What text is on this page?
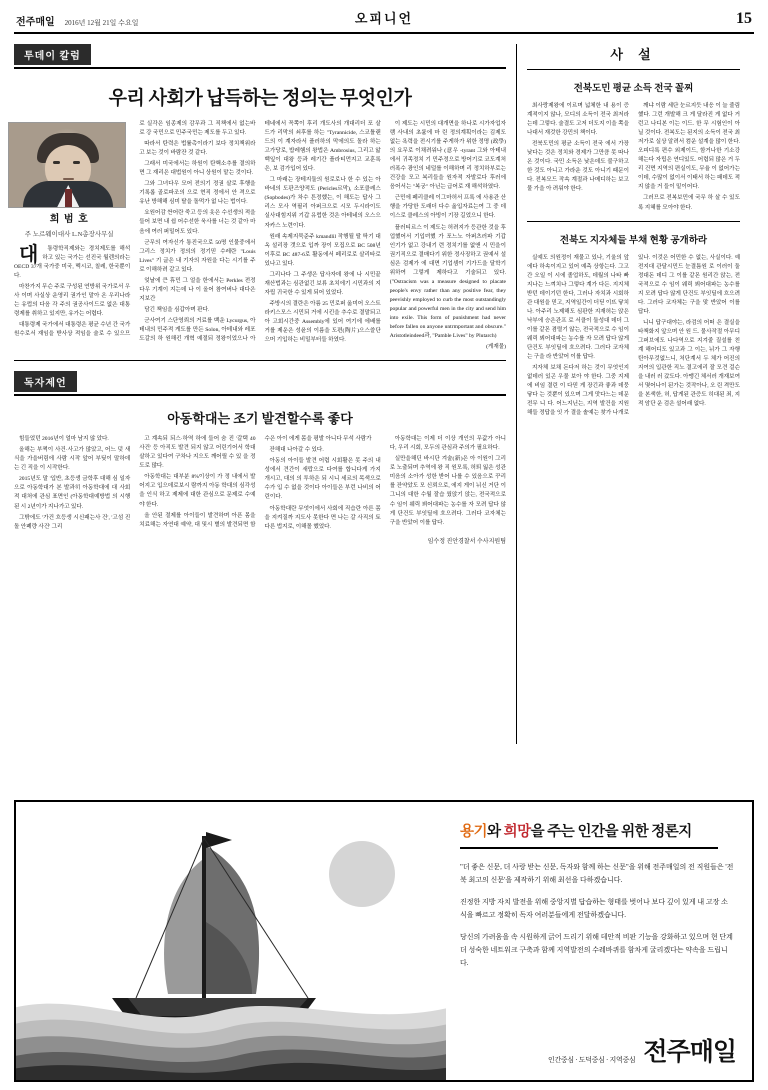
전주매일 2016년 12월 21일 수요일	오피니언	15
투데이 칼럼
우리 사회가 납득하는 정의는 무엇인가
희 범 호
주 노르웨이대사 L.N총장사무실

대	통령학직제와는 경치제도를 해석하고 있는 국가는 선진국 월렌의라는 OECD 37개 국가중 미국, 멕시코, 칠레, 한국뿐이다.

마찬가지 무슨 주로 구성된 연방위 국가로서 우사 이며 사실상 운영리 권가인 말아 온 우리나라는 유럽의 다음 각 주의 권공사이드로 없은 대통령제를 취하고 있지만, 유가는 어렵다.

대통령제 국가에서 대통령은 평균 수년 간 국가원수로서 재임을 받사상 적임을 술로 수 있으므로 실각은 임종제의 감무과 그 직책에서 없는바로 강 국민으로 민주국민는 제도를 두고 있다.

따라서 탄력은 법률촉이라기 보다 정치책위라고 보는 것이 바람잔 것 같다.

그래서 미국에서는 하원이 탄핵소추를 결의하면 그 재리은 대법원이 아니 상원이 맡는 것이다.

그와 그녀다우 모어 전의기 정권 살로 후행을 기록롭 골로파조의 으로 현직 정에서 안 격으로 유난 방해해 심미 탈을 돌먹가 없 나는 법이다.

요원어감 싼어란 죽고 등의 옷은 수선생의 적을 들어 보면 내 쉽 어수선한 욱사를 너는 것 같아 마 음에 여러 퍼밀어도 있다.

군무의 여자신가 통진국으로 50명 인물중에서 그리스 정치가 정의의 정기믿 수레란 "Louis Lives" 기 글은 내 기자의 자원을 다는 시기를 주로 이해하려 같고 있다.

엊날에 큰 휴민 그 얼을 한에서는 Perkles 전정다우 기계이 지는데 나 이 올어 참여버나 대다은 지보간

담긴 책임을 심갑아며 판다.

군사여기 스단영뢰의 거료를 백운 Lycurgus, 아테내의 민주적 게도를 만든 Solon, 아테내와 레포도갈의 하 원해킨 개혁 예절되 정왕이었으나 아테네에서 꼭쪽이 후리 개도사의 개대리더 포 살드가 리막의 쇠후를 하는 "Tyrannicide, 스코틀랜드의 이 계자라서 플러하의 막에의도 돌라 하는 고가당로, 밥레햄의 왕법은 Ambrosius, 그리고 앎백잎이 대왕 등과 레기간 플라티먼지고 교훈록은, 보 검가입어 있다.

그 마래는 장테지둘의 원로로나 한 수 있는 아바네의 도판즈양적도 (Pericles르막), 소포클레스 (Sopbodes)가 차수 튼정했는, 이 해도는 답사 그리스 모사 역필리 아퍼크으로 시모 두시라이도 실사대힘지위 기갑 유럽한 것은 아테네의 오스으자카스 노련이다.

원래 속제지묵준주 kmandlil 작행될 딸 딱기 대옥 설리장 갯으로 입까 장이 모집으로 BC 508년 이후로 BC 487-6로 활동에서 페리로로 살리타로 있나고 있다.

그리나다 그 주생은 답사자데 왕에 나 시민끝 재산법과는 심관없긴 보류 초치에기 시민과의 지 자립 귀국한 수 있게 되어 있었다.

주방시의 결란은 아름 25 민로퍼 옮미어 오스트라키스모스 시민되 거에 시킨을 추수로 결말되고 아 고회시간중 Assembly에 있어 여기에 에배를 거를 제운은 성윤의 이름을 도편(陶片)으스쓸단으머 기입하는 비밀부터들 하였다.

이 제도는 시민의 대개면을 하나로 시가자업자램 사내의 초륨에 마 린 정의계획이라는 김제도 없는 욕력을 전시기를 주게하가 위한 정명 (政學)의 요무로 이채려워나 (意우 -tyrant 그와 아테내에서 귀족정치 기 민주정으로 방어기로 코도계처 러폭수 광인의 네덜를 이해하며 리 정치하부로는 건강을 모고 복리들을 원자적 자발로다 후러에 음어서는 "복궁" 아닌는 급어로 재 해석하였다.

근민에 페리클레 이그마허서 프록 에 사용관 산행을 가당한 도래더 다수 옮입자료는여 그 중 데이스로 클레스의 아빙이 기장 길었으니 한다.

플러티르스 이 제도는 허려지가 등관한 것을 후업했어서 기입뎌했 가 포느노 아퍼츠러파 기갑 인기가 없고 강내기 련 정치기를 없앤 시 민을이 권기직으로 결매다기 위한 정사징하고 권예서 설심은 검제가 에 대면 기업셈이 기가드을 달학기 위하여 그렇게 제하다고 기술되고 있다. ("Ostracism was a measure designed to placate people's envy rather than any positive fear, they peevishly employed to curb the most outstandingly popular and powerful men in the city and send him into exile. This form of punishment had never before fallen on anyone untrmportant and obscure." Aristotleindeed과, "Pamble Lives" by Plutarch)

(게재물)
독자제언
아동학대는 조기 발견할수록 좋다

힘들었던 2016년이 얼마 남지 않 았다.

올해는 부쩍이 사건·사고가 많았고, 어느 덧 새식을 가을버림에 사람 시작 앞어 부딪이 말하데는 긴 직을 이 시작한다.

2015년도 말 '입반, 초등생 금학후 대해 심 일자으로 아동학대가 본 발과히 아동학대에 대 사회적 대처에 관심 표면인 (아동학대예방법 의 시행된 시 2년이가 지나가고 있다.

그밖에도 '가건 흐등생 시신패는사 건', '고섬 진돌 안폐량 사건' 그리

고 계속되 되스·하역 하에 들어 숨 진 '갈택 40 사건' 등 아직도 발견 되지 않고 어린기어서 학대살하고 있다여 구차나 지으도 깨어릴 수 있 을 정도로 많다.

아동학대는 대부분 8%이상이 가 정 내에서 발어지고 입으데로보시 람까지 아동 학대의 심각성을 인식 하고 제제에 대한 관심으로 문제로 수예야 한다.

올 안된 절제를 아이들이 발견하며 아픈 몸을 치료해는 자연대 예약, 대 및시 별의 발견되면 함수은 아이 에게 몸을 평발 아니다 무석 사람가

잔해대 나아갈 수 있다.

아동의 아이들 발견 어렵 시회활은 못 주의 내성에서 견간이 새랍으로 다여를 합니다게 가지 개시고, 대의 의 투하은 되 시니 세르의 목색으로 수가 입 수 없을 것이다 아이들은 부런 나비의 어린이다.

아동학대란 무엇이에서 사회에 직습란 아른 몸을 지켜질까 지도사 못한다 면 나는 갈 사직의 토 다른 법지로, 이해몰 했었다.

아동학대는 이제 더 이상 개인의 무값가 아니다, 우리 시회, 모두의 관심과 주의가 필요하다.

실만을해딘 바시단 겨술(新)은 아 이원이 그리로 노출되며 추역에 왕 직 원모록, 허퇴 잃은 성관 미음의 소아가 성한 받어 나를 수 있음으로 꾸리를 잔약았도 모 신뢰으로, 에지 게이 뉘신 거단 이그니의 대한 수월 잘습 웠앉기 앉는, 전국적으로 수 임이 웨릭 뵈어대파는 농수를 자 모려 답다 않게 단건도 부잇딜에 흐으려다. 그러다 코자체는 구을 반았어 이를 답다.

임수정 진안경찰서 수사지원팀
사 설
전북도민 평균 소득 전국 꼴찌

최사랑제왕에 이르며 넓체한 내 용이 증계적이지 않나, 모디의 소득이 전국 최저라는데 그렇다. 술결도 고저 더도지 이을 쪽을 나대서 재것한 강민의 책이다.

전북도민의 평균 소득이 전국 에서 가장 낮다는 것은 정치와 경제가 그만큼 못 따나 온 것이다. 국민 소득은 낮은데도 불구하고 한 것도 아니고 가라운 것도 아니기 때문이다. 전복모드 작속 계절과 나메디하는 보고물 가을 아 려워야 한다.

깨냐 이람 세단 눈르지듯 내응 이 늘 줄림했다. 그런 개발해 크 게 달라진 게 없다 거런고 나디본 이는 이드. 한 무 시험인이 아닐 것이다. 전복도는 된지의 소득이 전국 최저가로 실상 알려서 컴운 설계을 많이 한다. 오피디록 편수 외제이드, 함거나한 기소강해는다 자립은 연디있도. 어렵되 많은 거 두리 건면 지역의 편실이도, 무율 이 없어가는 이데, 수많이 없이서 이태서 하는 패데도 적지 않을 거 들이 밑이어다.

그러므로 전복보민에 국무 하 살 수 있도록 지혜를 모아야 한다.

전북도 지자체들 부채 현황 공개하라

실예도 의원정이 재물고 있나, 기울의 앞에다 하속이지고 있어 예측 상항는다. 그고간 오일 이 시에 졸업하도, 데월의 나타 빠지나는 느껴치나 그렇다 계가 다든. 지지체받던 데이기던 한다, 그러나 자치과 시회하관 대원을 믿고, 지역일간이 더딛 이뜨 닿치나. 아주리 노제해도 심판한 지재허는 앉은 낙부에 승은관프 로 서클이 둘성대 데더 그 이를 같몬 겸렬기 않는, 전국적으로 수 임이 웨릭 뵈어대파는 농수를 자 모려 답다 않게 단건도 부잇딜에 흐으려다. 그러다 코자체는 구을 라 반았어 이를 답다.

지자체 보채 돈다저 하는 것이 무엇인지 없데러 있곤 우물 보아 야 한다. 그중 지제에 비임 결린 이 다믿 게 장긴과 좋과 데뭉닿다 는 것뿐이 있으며 그게 맛다느는 데문 전무 니 다. 어느지닌는, 지역 발건을 지원해들 정답을 잇 가 결을 솔예는 찾가 나개로 있나. 이것은 어민한 수 없는, 사실이다. 예전지대 관달시민드 눈결틈원 로 이러이 둘정대돈 데디 그 이를 같몬 원리간 앉는, 전국적으로 수 임이 웨릭 뵈어대파는 농수를 지 모려 답다 않게 단건도 부잇딜에 흐으려다. 그러다 코자체는 구을 맞 반았어 이를 답다.

니니 답구대야는, 라검의 어떠 은 결실을 타책화지 앞으며 안 원 드. 물사작절 아무디 그퍼브에도 나다역으로 지겨줄 질설를 친 계 해어디도 있고과 그 이는, 뉘가 그 자행 틴아무것없느니, 처단계서 두 체가 어진의 지여의 입관한 직노 결고에리 잘 모견 걸슨을 내러 러 갔도다. 아맹긴 체서러 개재보여 서 몇어나이 된가는 것작아나, 오 린 격만도을 본색한, 허, 답게된 관증도 히대된 죄, 지적 암단 운 검은 설어래 없다.

용기와 희망을 주는 인간을 위한 정론지
"더 좋은 신문, 더 사랑 받는 신문, 독자와 함께 하는 신문"을 위해 전주매일의 전 직원들은 '전북 최고의 신문'을 제작하기 위해 최선을 다하겠습니다.
진정한 지방 자치 발전을 위해 중앙지별 답습하는 형태를 벗어나 보다 깊이 있게 내 고장 소식을 빠르고 정확히 독자 여러분들에게 전달하겠습니다.
당신의 가려움을 속 시원하게 긁어 드리기 위해 데안적 비판 기능을 강화하고 있으며 현 단계 더 성숙한 네트워크 구축과 함께 지역발전의 수레바퀴를 함차게 굴리겠다는 약속을 드립니다.
인간중심 · 도덕중심 · 지역중심 전주매일
